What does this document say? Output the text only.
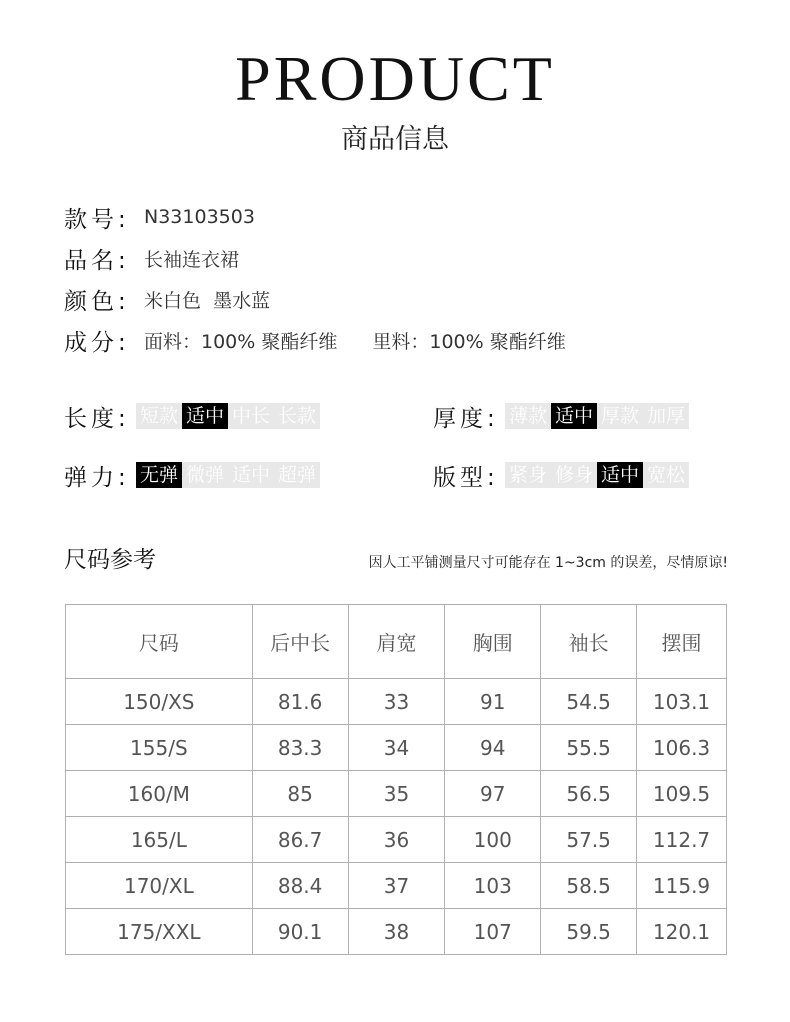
PRODUCT
商品信息
款号: N33103503
品名: 长袖连衣裙
颜色: 米白色  墨水蓝
成分: 面料：100% 聚酯纤维 里料：100% 聚酯纤维
长度: 短款 适中 中长 长款	厚度: 薄款 适中 厚款 加厚
弹力: 无弹 微弹 适中 超弹	版型: 紧身 修身 适中 宽松
尺码参考	因人工平铺测量尺寸可能存在 1~3cm 的误差，尽情原谅!
尺码	后中长	肩宽	胸围	袖长	摆围
150/XS	81.6	33	91	54.5	103.1
155/S	83.3	34	94	55.5	106.3
160/M	85	35	97	56.5	109.5
165/L	86.7	36	100	57.5	112.7
170/XL	88.4	37	103	58.5	115.9
175/XXL	90.1	38	107	59.5	120.1
